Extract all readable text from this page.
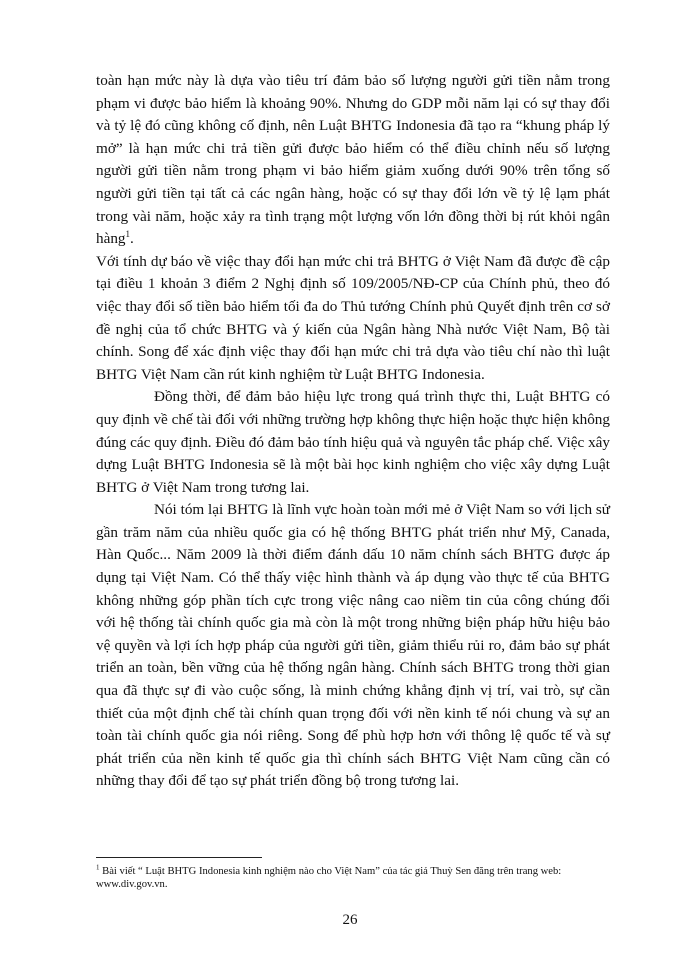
toàn hạn mức này là dựa vào tiêu trí đảm bảo số lượng người gửi tiền nằm trong phạm vi được bảo hiểm là khoảng 90%. Nhưng do GDP mỗi năm lại có sự thay đổi và tỷ lệ đó cũng không cố định, nên Luật BHTG Indonesia đã tạo ra “khung pháp lý mở” là hạn mức chi trả tiền gửi được bảo hiểm có thể điều chỉnh nếu số lượng người gửi tiền nằm trong phạm vi bảo hiểm giảm xuống dưới 90% trên tổng số người gửi tiền tại tất cả các ngân hàng, hoặc có sự thay đổi lớn về tỷ lệ lạm phát trong vài năm, hoặc xảy ra tình trạng một lượng vốn lớn đồng thời bị rút khỏi ngân hàng$^1$.

Với tính dự báo về việc thay đổi hạn mức chi trả BHTG ở Việt Nam đã được đề cập tại điều 1 khoản 3 điểm 2 Nghị định số 109/2005/NĐ-CP của Chính phủ, theo đó việc thay đổi số tiền bảo hiểm tối đa do Thủ tướng Chính phủ Quyết định trên cơ sở đề nghị của tổ chức BHTG và ý kiến của Ngân hàng Nhà nước Việt Nam, Bộ tài chính. Song để xác định việc thay đổi hạn mức chi trả dựa vào tiêu chí nào thì luật BHTG Việt Nam cần rút kinh nghiệm từ Luật BHTG Indonesia.

Đồng thời, để đảm bảo hiệu lực trong quá trình thực thi, Luật BHTG có quy định về chế tài đối với những trường hợp không thực hiện hoặc thực hiện không đúng các quy định. Điều đó đảm bảo tính hiệu quả và nguyên tắc pháp chế. Việc xây dựng Luật BHTG Indonesia sẽ là một bài học kinh nghiệm cho việc xây dựng Luật BHTG ở Việt Nam trong tương lai.

Nói tóm lại BHTG là lĩnh vực hoàn toàn mới mẻ ở Việt Nam so với lịch sử gần trăm năm của nhiều quốc gia có hệ thống BHTG phát triển như Mỹ, Canada, Hàn Quốc... Năm 2009 là thời điểm đánh dấu 10 năm chính sách BHTG được áp dụng tại Việt Nam. Có thể thấy việc hình thành và áp dụng vào thực tế của BHTG không những góp phần tích cực trong việc nâng cao niềm tin của công chúng đối với hệ thống tài chính quốc gia mà còn là một trong những biện pháp hữu hiệu bảo vệ quyền và lợi ích hợp pháp của người gửi tiền, giảm thiểu rủi ro, đảm bảo sự phát triển an toàn, bền vững của hệ thống ngân hàng. Chính sách BHTG trong thời gian qua đã thực sự đi vào cuộc sống, là minh chứng khẳng định vị trí, vai trò, sự cần thiết của một định chế tài chính quan trọng đối với nền kinh tế nói chung và sự an toàn tài chính quốc gia nói riêng. Song để phù hợp hơn với thông lệ quốc tế và sự phát triển của nền kinh tế quốc gia thì chính sách BHTG Việt Nam cũng cần có những thay đổi để tạo sự phát triển đồng bộ trong tương lai.

$^1$ Bài viết “ Luật BHTG Indonesia kinh nghiệm nào cho Việt Nam” của tác giả Thuỳ Sen đăng trên trang web: www.div.gov.vn.
26
